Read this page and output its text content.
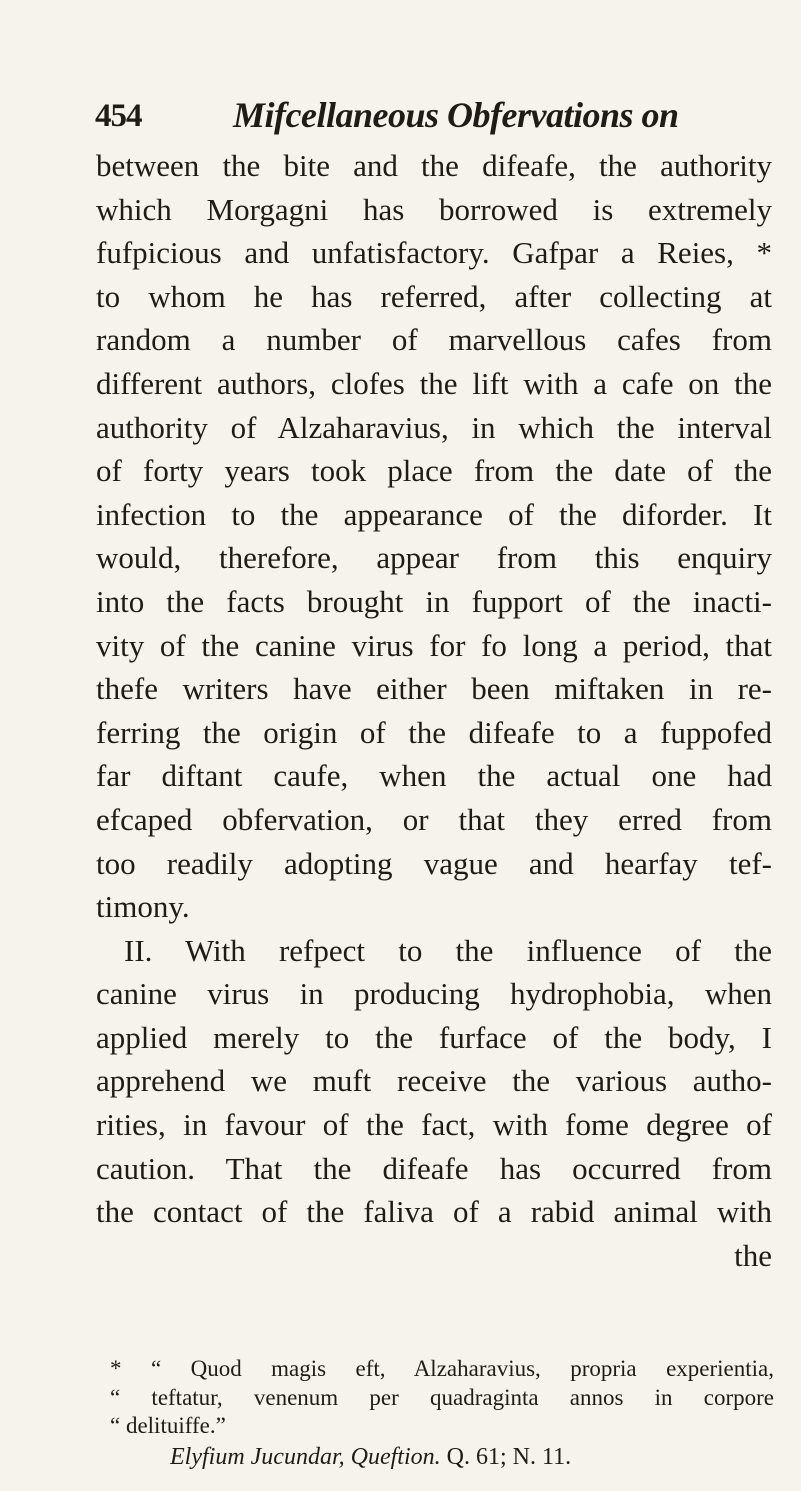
454	Mifcellaneous Obfervations on
between the bite and the difeafe, the authority
which Morgagni has borrowed is extremely
fufpicious and unfatisfactory. Gafpar a Reies, *
to whom he has referred, after collecting at
random a number of marvellous cafes from
different authors, clofes the lift with a cafe on the
authority of Alzaharavius, in which the interval
of forty years took place from the date of the
infection to the appearance of the diforder. It
would, therefore, appear from this enquiry
into the facts brought in fupport of the inacti-
vity of the canine virus for fo long a period, that
thefe writers have either been miftaken in re-
ferring the origin of the difeafe to a fuppofed
far diftant caufe, when the actual one had
efcaped obfervation, or that they erred from
too readily adopting vague and hearfay tef-
timony.
II. With refpect to the influence of the
canine virus in producing hydrophobia, when
applied merely to the furface of the body, I
apprehend we muft receive the various autho-
rities, in favour of the fact, with fome degree of
caution. That the difeafe has occurred from
the contact of the faliva of a rabid animal with
the
* “ Quod magis eft, Alzaharavius, propria experientia,
“ teftatur, venenum per quadraginta annos in corpore
“ delituiffe.”
Elyfium Jucundar, Queftion. Q. 61; N. 11.
